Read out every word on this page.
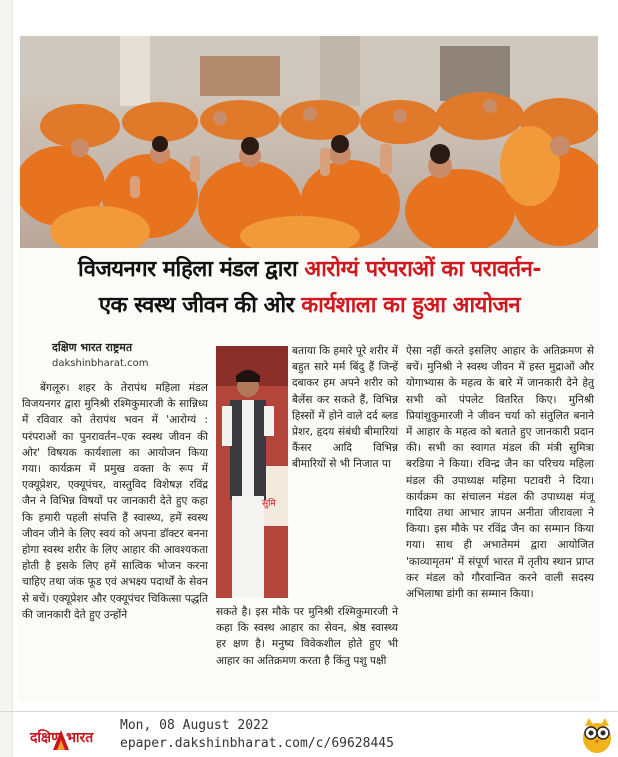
विजयनगर महिला मंडल द्वारा आरोग्यं परंपराओं का परावर्तन-
एक स्वस्थ जीवन की ओर कार्यशाला का हुआ आयोजन
दक्षिण भारत राष्ट्रमत
dakshinbharat.com

बेंगलूरु। शहर के तेरापंथ महिला मंडल विजयनगर द्वारा मुनिश्री रश्मिकुमारजी के सान्निध्य में रविवार को तेरापंथ भवन में 'आरोग्यं : परंपराओं का पुनरावर्तन–एक स्वस्थ जीवन की ओर' विषयक कार्यशाला का आयोजन किया गया। कार्यक्रम में प्रमुख वक्ता के रूप में एक्यूप्रेशर, एक्यूपंचर, वास्तुविद विशेषज्ञ रविंद्र जैन ने विभिन्न विषयों पर जानकारी देते हुए कहा कि हमारी पहली संपत्ति हैं स्वास्थ्य, हमें स्वस्थ जीवन जीने के लिए स्वयं को अपना डॉक्टर बनना होगा स्वस्थ शरीर के लिए आहार की आवश्यकता होती है इसके लिए हमें सात्विक भोजन करना चाहिए तथा जंक फूड एवं अभक्ष्य पदार्थों के सेवन से बचें। एक्यूप्रेशर और एक्यूपंचर चिकित्सा पद्धति की जानकारी देते हुए उन्होंने

बताया कि हमारे पूरे शरीर में बहुत सारे मर्म बिंदु हैं जिन्हें दबाकर हम अपने शरीर को बैलेंस कर सकते हैं, विभिन्न हिस्सों में होने वाले दर्द ब्लड प्रेशर, हृदय संबंधी बीमारियां कैंसर आदि विभिन्न बीमारियों से भी निजात पा

सकते है। इस मौके पर मुनिश्री रश्मिकुमारजी ने कहा कि स्वस्थ आहार का सेवन, श्रेष्ठ स्वास्थ्य हर क्षण है। मनुष्य विवेकशील होते हुए भी आहार का अतिक्रमण करता है किंतु पशु पक्षी

ऐसा नहीं करते इसलिए आहार के अतिक्रमण से बचें। मुनिश्री ने स्वस्थ जीवन में हस्त मुद्राओं और योगाभ्यास के महत्व के बारे में जानकारी देने हेतु सभी को पंपलेट वितरित किए। मुनिश्री प्रियांशुकुमारजी ने जीवन चर्या को संतुलित बनाने में आहार के महत्व को बताते हुए जानकारी प्रदान की। सभी का स्वागत मंडल की मंत्री सुमित्रा बरडिया ने किया। रविन्द्र जैन का परिचय महिला मंडल की उपाध्यक्ष महिमा पटावरी ने दिया। कार्यक्रम का संचालन मंडल की उपाध्यक्ष मंजू गादिया तथा आभार ज्ञापन अनीता जीरावला ने किया। इस मौके पर रविंद्र जैन का सम्मान किया गया। साथ ही अभातेममं द्वारा आयोजित 'काव्यामृतम' में संपूर्ण भारत में तृतीय स्थान प्राप्त कर मंडल को गौरवान्वित करने वाली सदस्य अभिलाषा डांगी का सम्मान किया।

सुमि
दक्षिण भारत
Mon, 08 August 2022
epaper.dakshinbharat.com/c/69628445
